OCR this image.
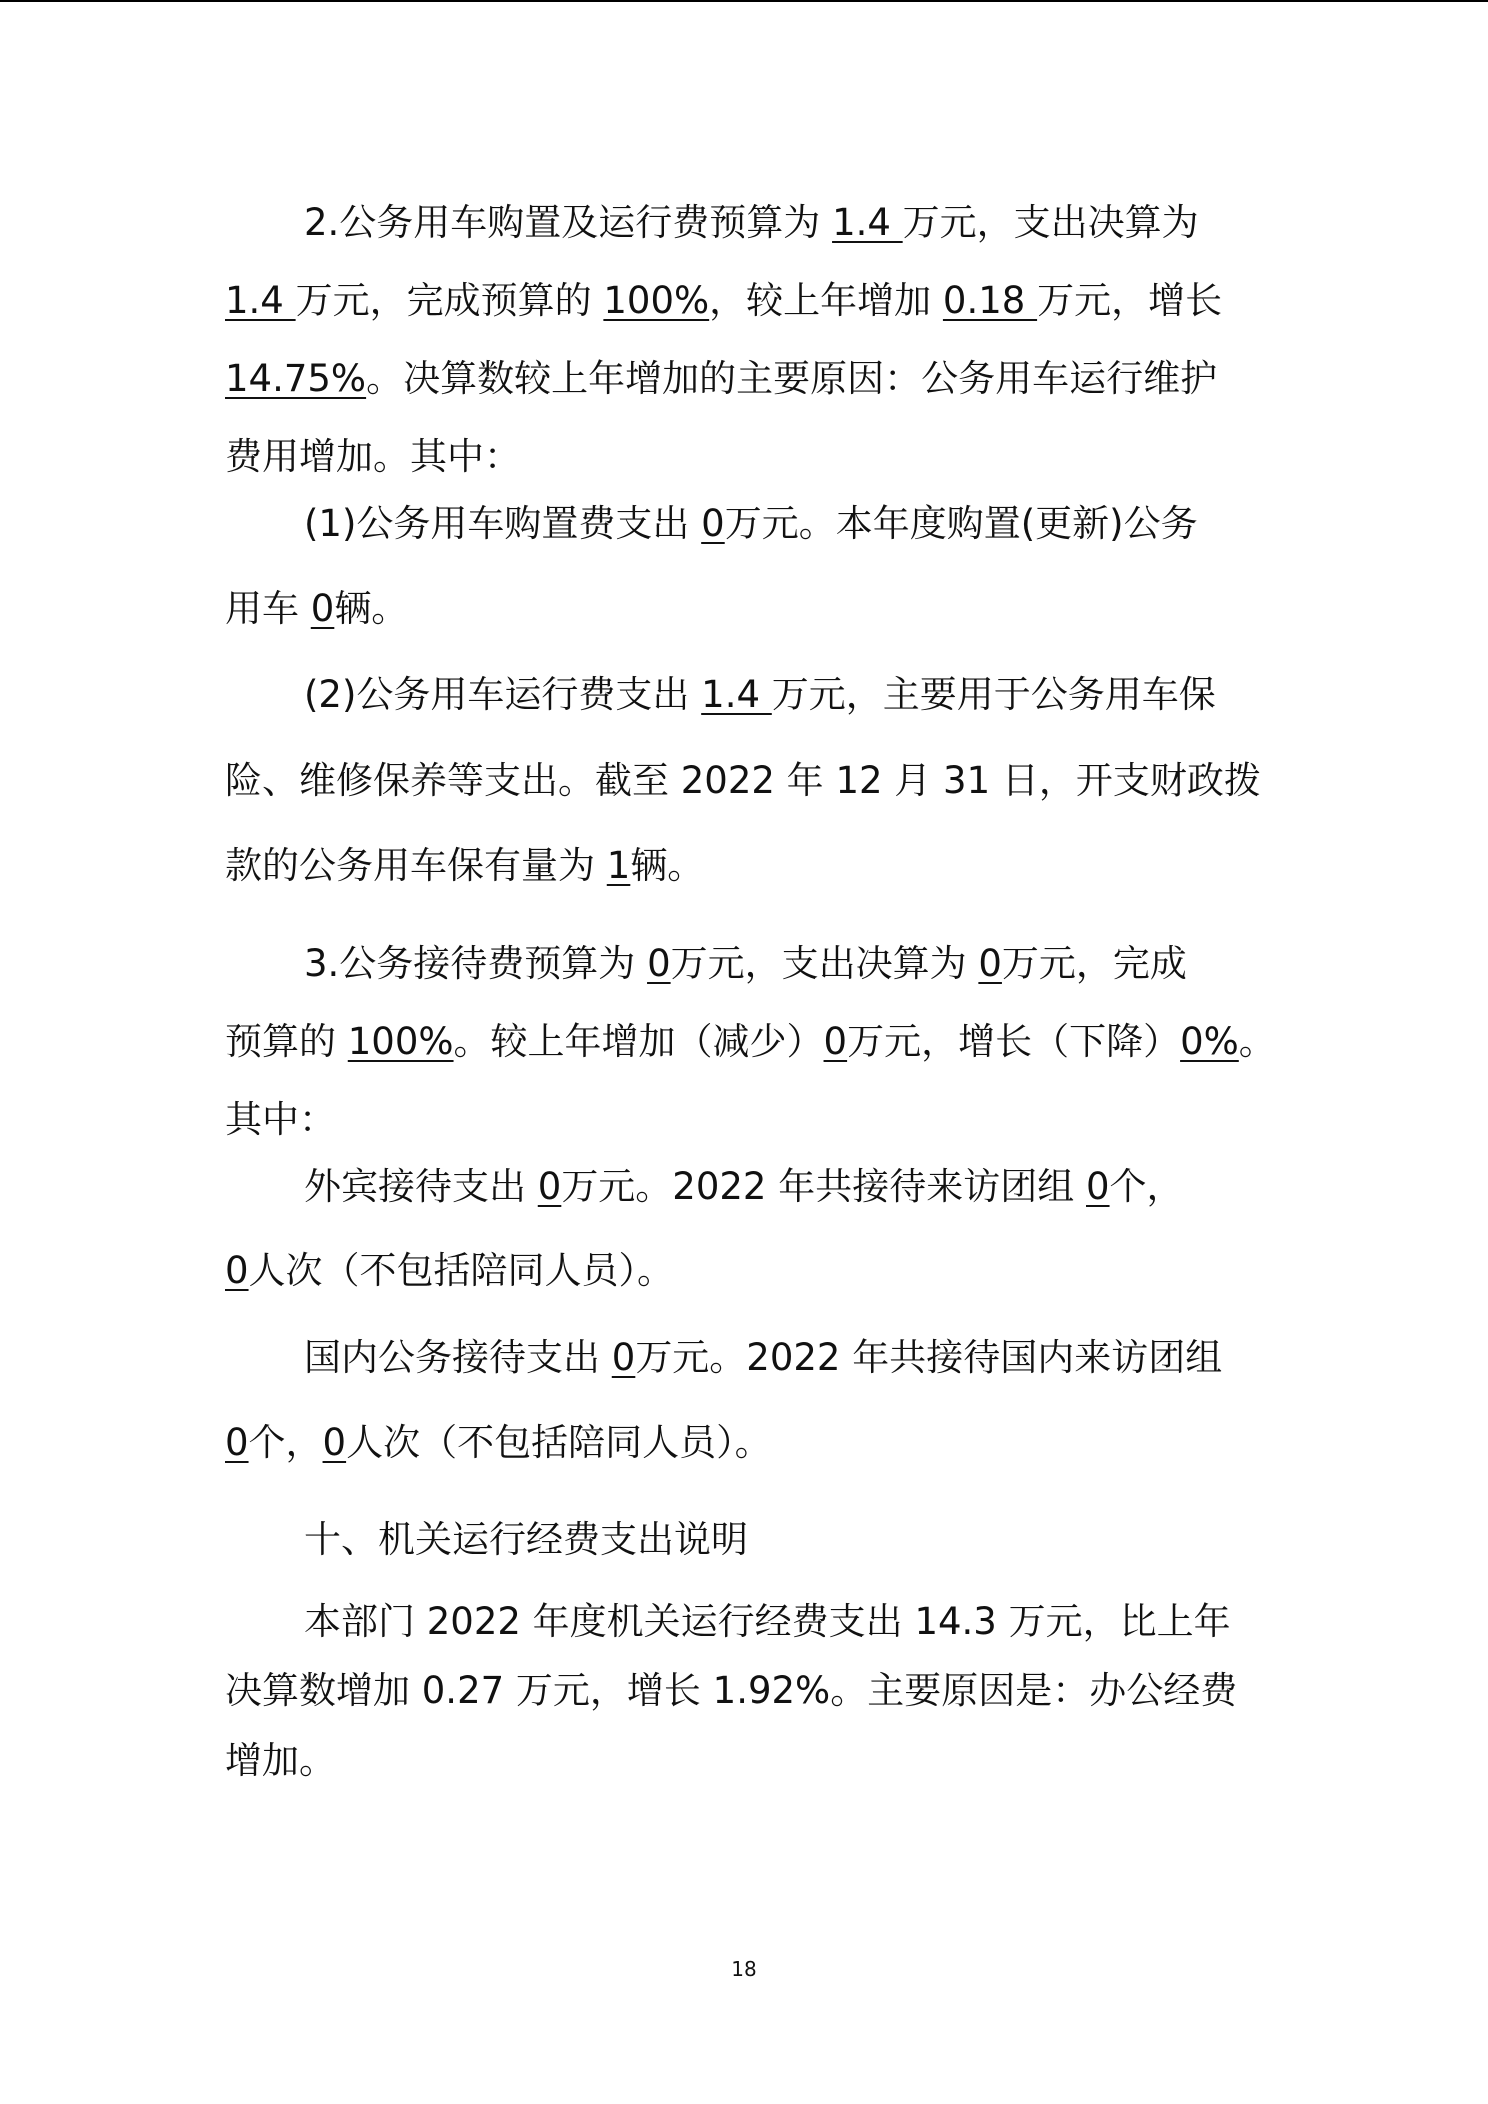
2.公务用车购置及运行费预算为 1.4 万元，支出决算为
1.4 万元，完成预算的 100%，较上年增加 0.18 万元，增长
14.75%。决算数较上年增加的主要原因：公务用车运行维护
费用增加。其中：
(1)公务用车购置费支出 0万元。本年度购置(更新)公务
用车 0辆。
(2)公务用车运行费支出 1.4 万元，主要用于公务用车保
险、维修保养等支出。截至 2022 年 12 月 31 日，开支财政拨
款的公务用车保有量为 1辆。
3.公务接待费预算为 0万元，支出决算为 0万元，完成
预算的 100%。较上年增加（减少）0万元，增长（下降）0%。
其中：
外宾接待支出 0万元。2022 年共接待来访团组 0个，
0人次（不包括陪同人员）。
国内公务接待支出 0万元。2022 年共接待国内来访团组
0个，0人次（不包括陪同人员）。
十、机关运行经费支出说明
本部门 2022 年度机关运行经费支出 14.3 万元，比上年
决算数增加 0.27 万元，增长 1.92%。主要原因是：办公经费
增加。
18
